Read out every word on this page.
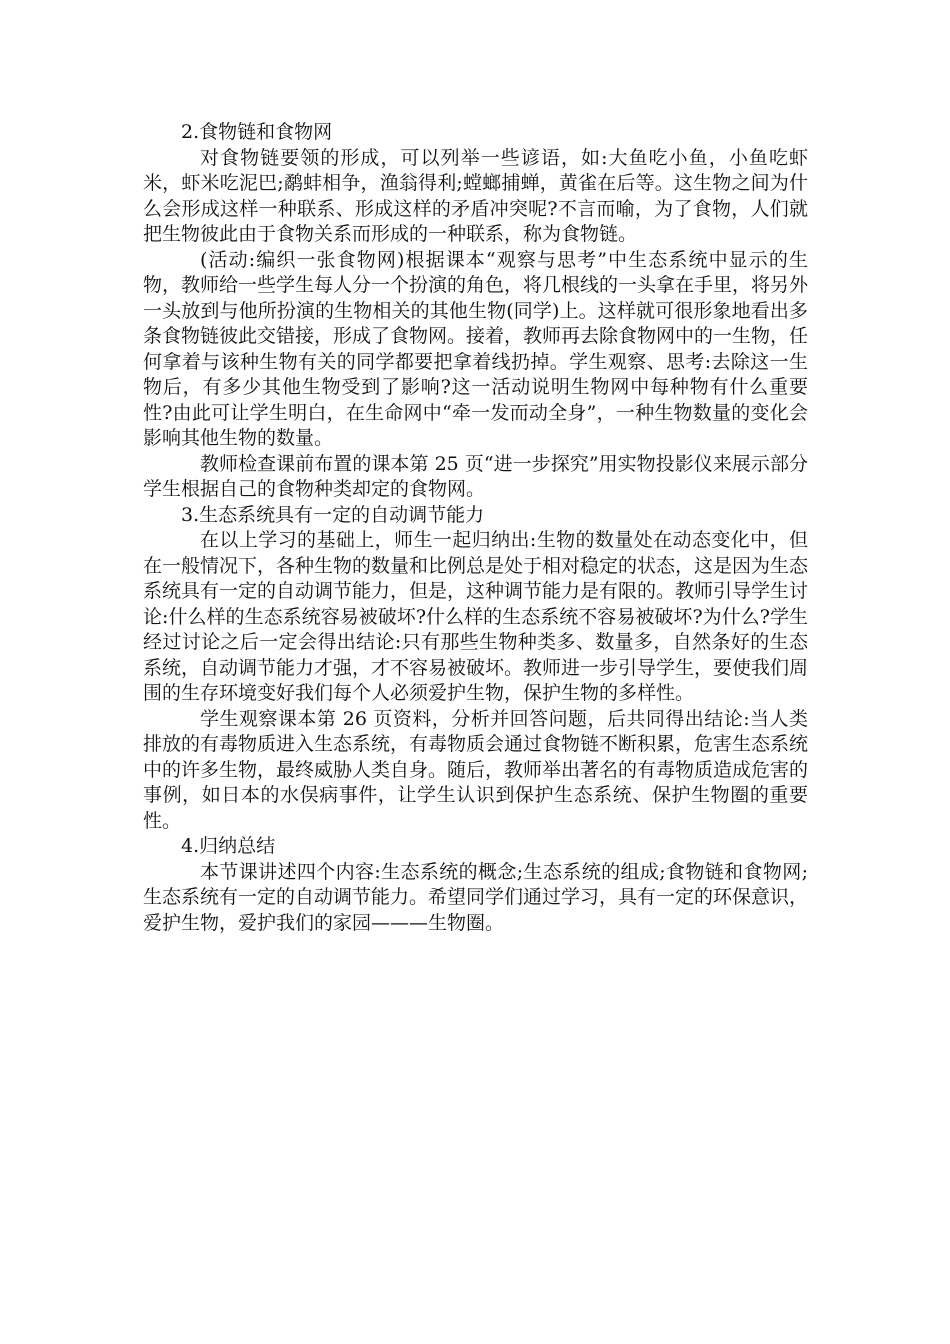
2.食物链和食物网

对食物链要领的形成，可以列举一些谚语，如:大鱼吃小鱼，小鱼吃虾米，虾米吃泥巴;鹬蚌相争，渔翁得利;螳螂捕蝉，黄雀在后等。这生物之间为什么会形成这样一种联系、形成这样的矛盾冲突呢?不言而喻，为了食物，人们就把生物彼此由于食物关系而形成的一种联系，称为食物链。

(活动:编织一张食物网)根据课本“观察与思考”中生态系统中显示的生物，教师给一些学生每人分一个扮演的角色，将几根线的一头拿在手里，将另外一头放到与他所扮演的生物相关的其他生物(同学)上。这样就可很形象地看出多条食物链彼此交错接，形成了食物网。接着，教师再去除食物网中的一生物，任何拿着与该种生物有关的同学都要把拿着线扔掉。学生观察、思考:去除这一生物后，有多少其他生物受到了影响?这一活动说明生物网中每种物有什么重要性?由此可让学生明白，在生命网中“牵一发而动全身”，一种生物数量的变化会影响其他生物的数量。

教师检查课前布置的课本第 25 页“进一步探究”用实物投影仪来展示部分学生根据自己的食物种类却定的食物网。

3.生态系统具有一定的自动调节能力

在以上学习的基础上，师生一起归纳出:生物的数量处在动态变化中，但在一般情况下，各种生物的数量和比例总是处于相对稳定的状态，这是因为生态系统具有一定的自动调节能力，但是，这种调节能力是有限的。教师引导学生讨论:什么样的生态系统容易被破坏?什么样的生态系统不容易被破坏?为什么?学生经过讨论之后一定会得出结论:只有那些生物种类多、数量多，自然条好的生态系统，自动调节能力才强，才不容易被破坏。教师进一步引导学生，要使我们周围的生存环境变好我们每个人必须爱护生物，保护生物的多样性。

学生观察课本第 26 页资料，分析并回答问题，后共同得出结论:当人类排放的有毒物质进入生态系统，有毒物质会通过食物链不断积累，危害生态系统中的许多生物，最终威胁人类自身。随后，教师举出著名的有毒物质造成危害的事例，如日本的水俣病事件，让学生认识到保护生态系统、保护生物圈的重要性。

4.归纳总结

本节课讲述四个内容:生态系统的概念;生态系统的组成;食物链和食物网;生态系统有一定的自动调节能力。希望同学们通过学习，具有一定的环保意识，爱护生物，爱护我们的家园———生物圈。
